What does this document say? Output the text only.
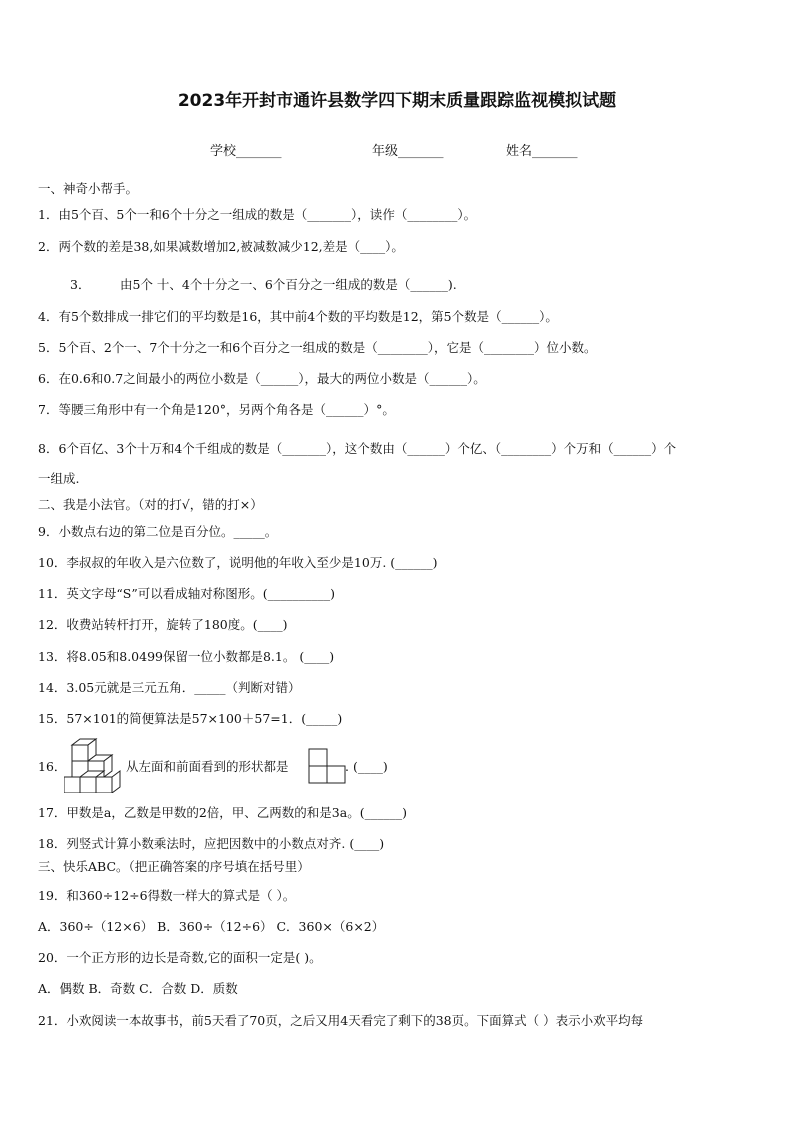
2023年开封市通许县数学四下期末质量跟踪监视模拟试题
学校_______	年级_______	姓名_______
一、神奇小帮手。
1．由5个百、5个一和6个十分之一组成的数是（_______），读作（________）。
2．两个数的差是38,如果减数增加2,被减数减少12,差是（____）。
3． 由5个 十、4个十分之一、6个百分之一组成的数是（______).
4．有5个数排成一排它们的平均数是16，其中前4个数的平均数是12，第5个数是（______）。
5．5个百、2个一、7个十分之一和6个百分之一组成的数是（________），它是（________）位小数。
6．在0.6和0.7之间最小的两位小数是（______），最大的两位小数是（______）。
7．等腰三角形中有一个角是120°，另两个角各是（______）°。
8．6个百亿、3个十万和4个千组成的数是（_______），这个数由（______）个亿、（________）个万和（______）个
一组成.
二、我是小法官。（对的打√，错的打×）
9．小数点右边的第二位是百分位。_____。
10．李叔叔的年收入是六位数了，说明他的年收入至少是10万. (______)
11．英文字母“S”可以看成轴对称图形。(__________)
12．收费站转杆打开，旋转了180度。(____)
13．将8.05和8.0499保留一位小数都是8.1。 (____)
14．3.05元就是三元五角．_____（判断对错）
15．57×101的简便算法是57×100＋57=1．(_____)
16．	从左面和前面看到的形状都是	. (____)
17．甲数是a，乙数是甲数的2倍，甲、乙两数的和是3a。(______)
18．列竖式计算小数乘法时，应把因数中的小数点对齐. (____)
三、快乐ABC。（把正确答案的序号填在括号里）
19．和360÷12÷6得数一样大的算式是（ ）。
A．360÷（12×6） B．360÷（12÷6） C．360×（6×2）
20．一个正方形的边长是奇数,它的面积一定是( )。
A．偶数 B．奇数 C．合数 D．质数
21．小欢阅读一本故事书，前5天看了70页，之后又用4天看完了剩下的38页。下面算式（ ）表示小欢平均每
